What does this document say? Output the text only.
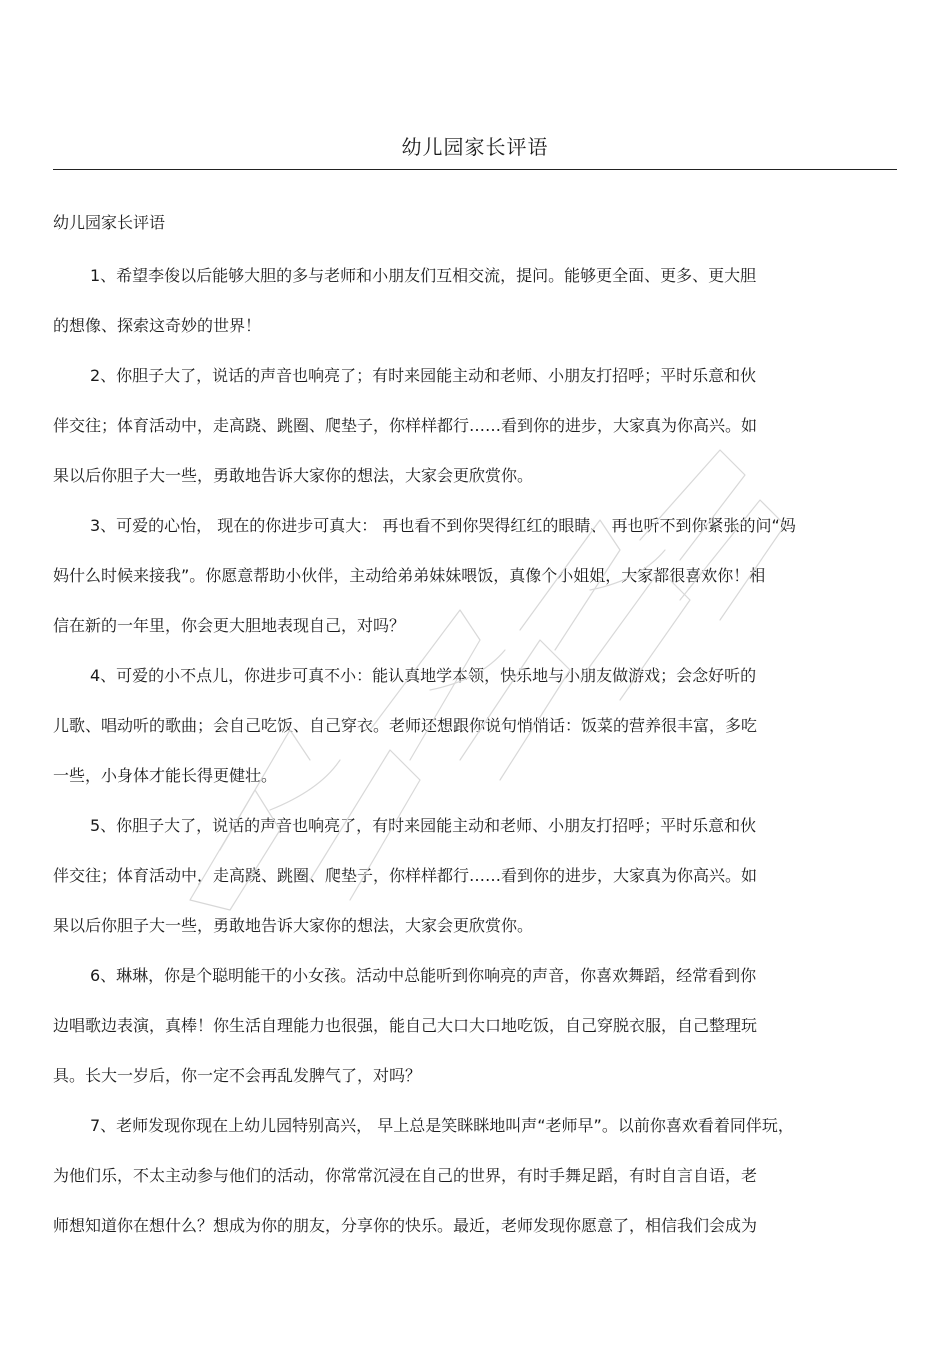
幼儿园家长评语
幼儿园家长评语
1、希望李俊以后能够大胆的多与老师和小朋友们互相交流，提问。能够更全面、更多、更大胆
的想像、探索这奇妙的世界！
2、你胆子大了，说话的声音也响亮了；有时来园能主动和老师、小朋友打招呼；平时乐意和伙
伴交往；体育活动中，走高跷、跳圈、爬垫子，你样样都行……看到你的进步，大家真为你高兴。如
果以后你胆子大一些，勇敢地告诉大家你的想法，大家会更欣赏你。
3、可爱的心怡， 现在的你进步可真大： 再也看不到你哭得红红的眼睛、 再也听不到你紧张的问“妈
妈什么时候来接我”。你愿意帮助小伙伴，主动给弟弟妹妹喂饭，真像个小姐姐，大家都很喜欢你！相
信在新的一年里，你会更大胆地表现自己，对吗？
4、可爱的小不点儿，你进步可真不小：能认真地学本领，快乐地与小朋友做游戏；会念好听的
儿歌、唱动听的歌曲；会自己吃饭、自己穿衣。老师还想跟你说句悄悄话：饭菜的营养很丰富，多吃
一些，小身体才能长得更健壮。
5、你胆子大了，说话的声音也响亮了，有时来园能主动和老师、小朋友打招呼；平时乐意和伙
伴交往；体育活动中，走高跷、跳圈、爬垫子，你样样都行……看到你的进步，大家真为你高兴。如
果以后你胆子大一些，勇敢地告诉大家你的想法，大家会更欣赏你。
6、琳琳，你是个聪明能干的小女孩。活动中总能听到你响亮的声音，你喜欢舞蹈，经常看到你
边唱歌边表演，真棒！你生活自理能力也很强，能自己大口大口地吃饭，自己穿脱衣服，自己整理玩
具。长大一岁后，你一定不会再乱发脾气了，对吗？
7、老师发现你现在上幼儿园特别高兴， 早上总是笑眯眯地叫声“老师早”。以前你喜欢看着同伴玩，
为他们乐，不太主动参与他们的活动，你常常沉浸在自己的世界，有时手舞足蹈，有时自言自语，老
师想知道你在想什么？想成为你的朋友，分享你的快乐。最近，老师发现你愿意了，相信我们会成为
